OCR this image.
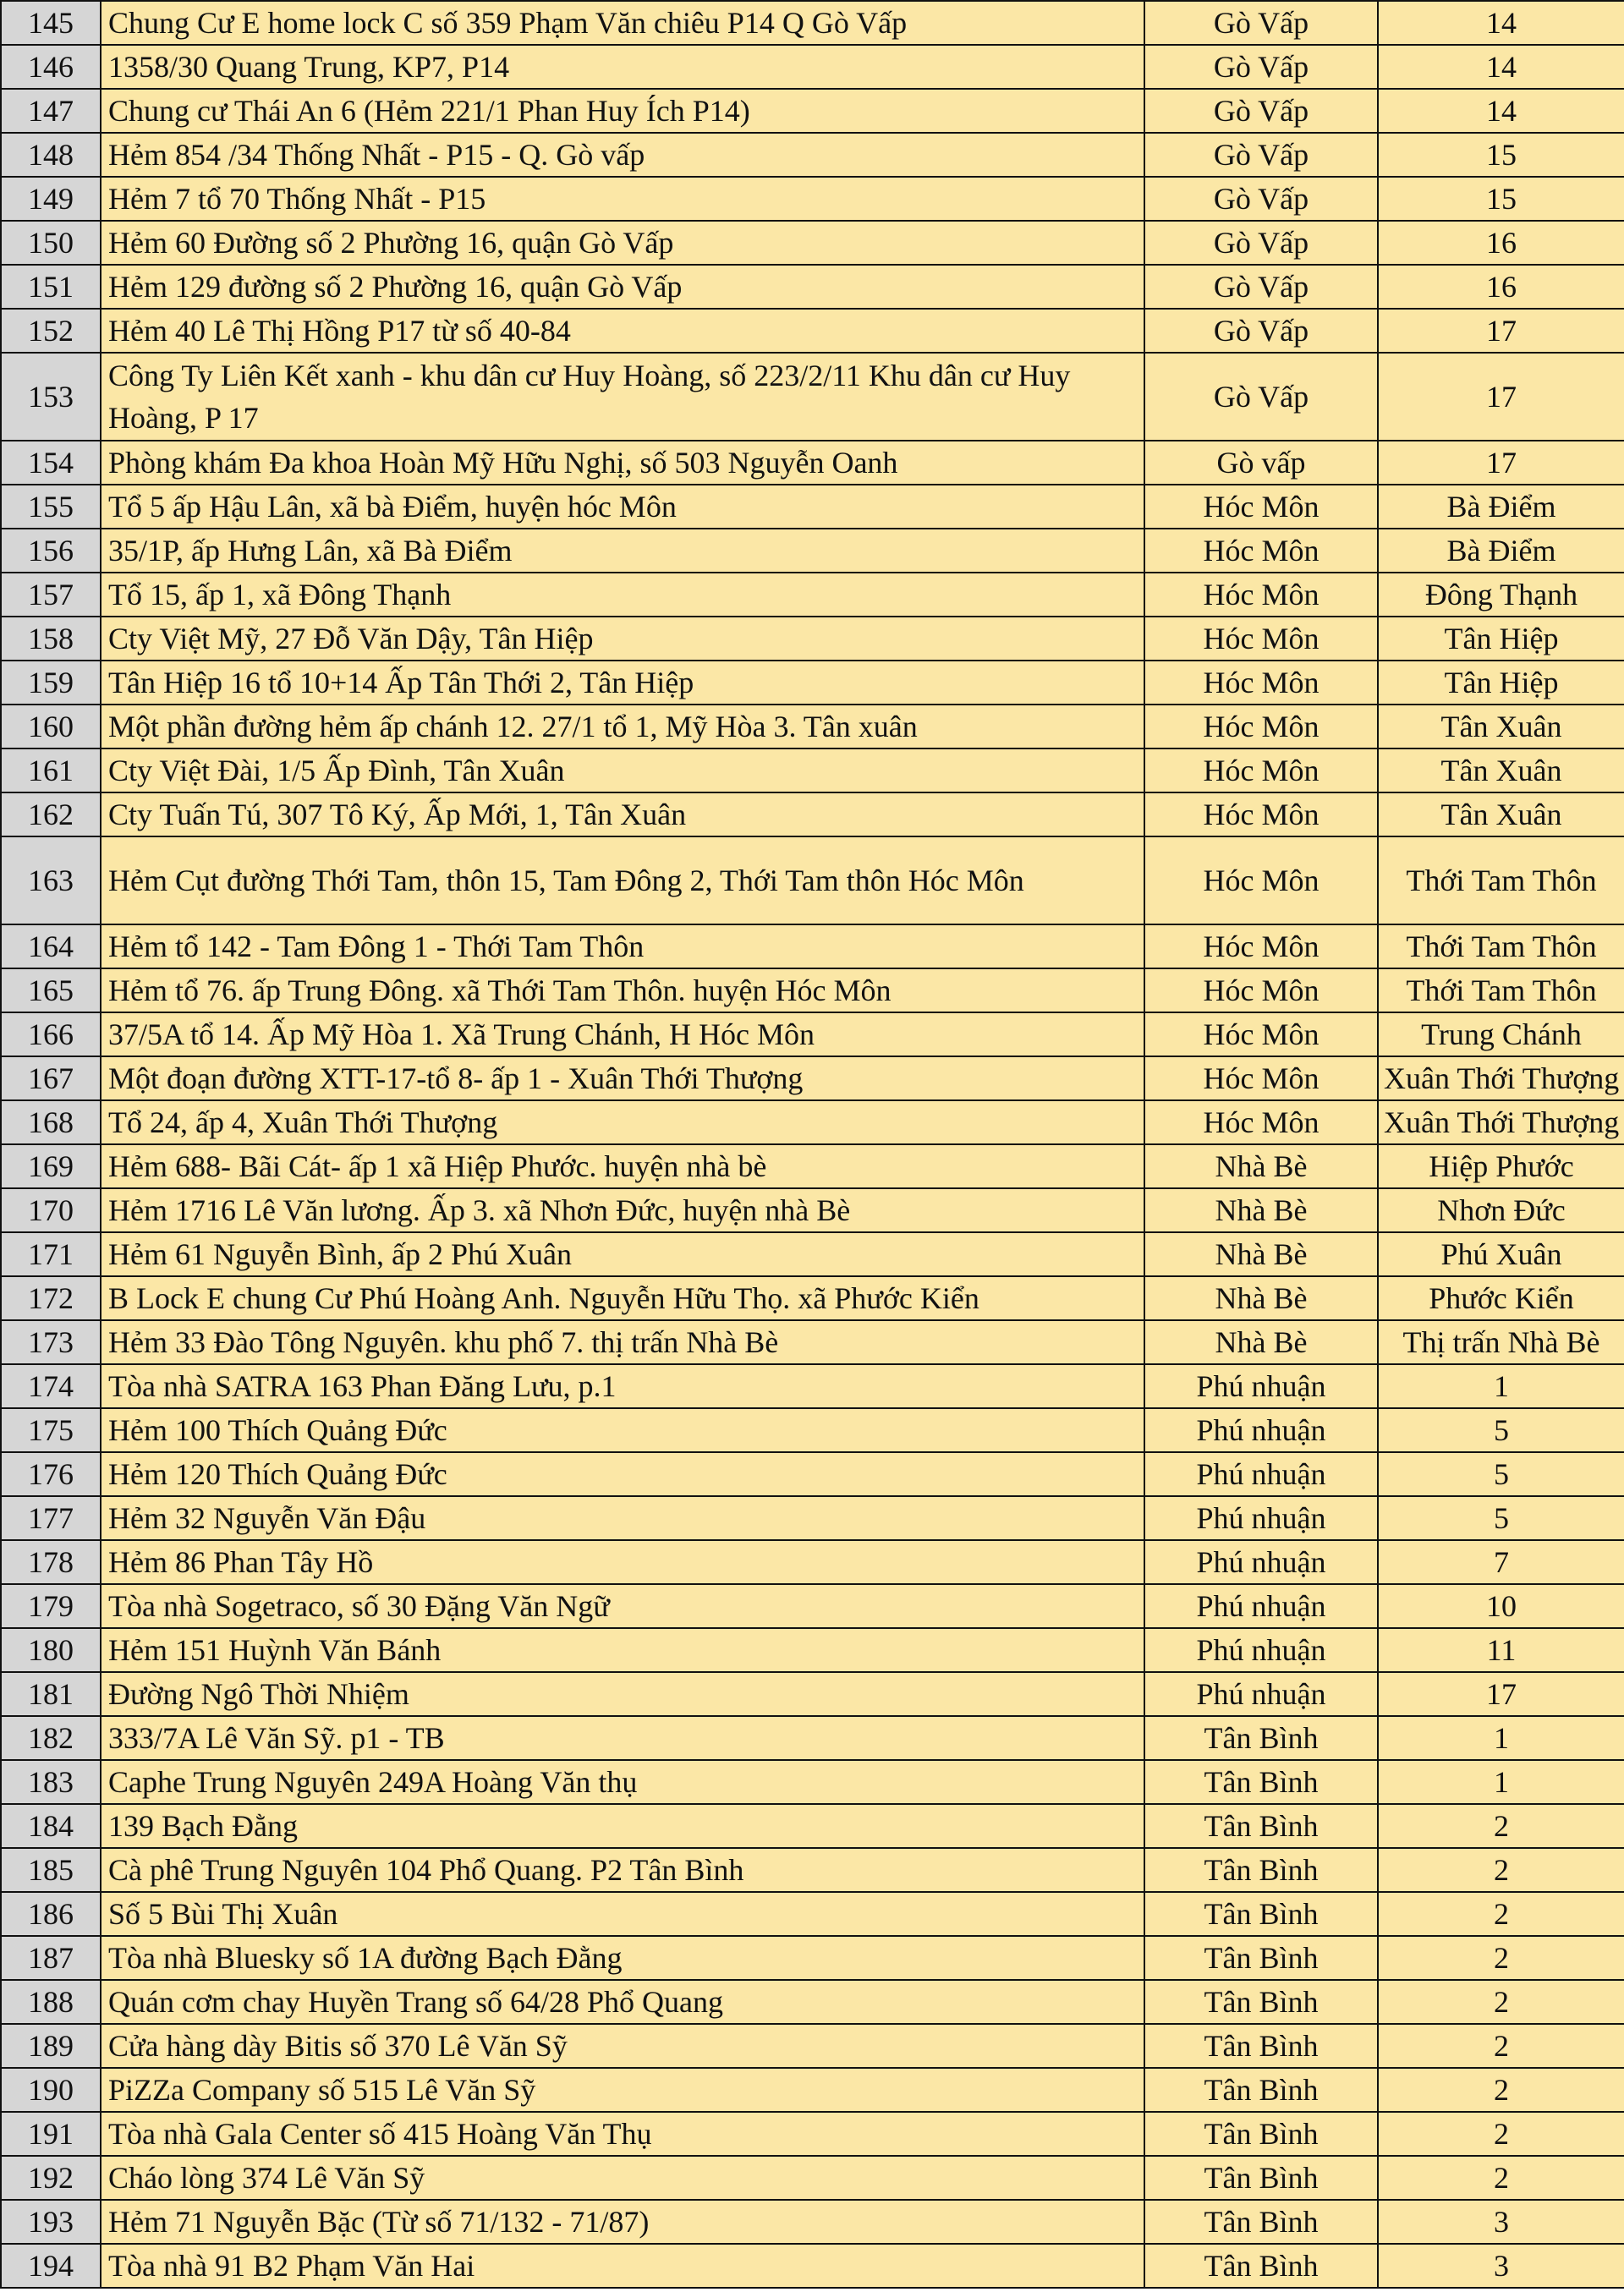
145	Chung Cư E home lock C số 359 Phạm Văn chiêu P14 Q Gò Vấp	Gò Vấp	14
146	1358/30 Quang Trung, KP7, P14	Gò Vấp	14
147	Chung cư Thái An 6 (Hẻm 221/1 Phan Huy Ích P14)	Gò Vấp	14
148	Hẻm 854 /34 Thống Nhất - P15 - Q. Gò vấp	Gò Vấp	15
149	Hẻm 7 tổ 70 Thống Nhất - P15	Gò Vấp	15
150	Hẻm 60 Đường số 2 Phường 16, quận Gò Vấp	Gò Vấp	16
151	Hẻm 129 đường số 2 Phường 16, quận Gò Vấp	Gò Vấp	16
152	Hẻm 40 Lê Thị Hồng P17 từ số 40-84	Gò Vấp	17
153	Công Ty Liên Kết xanh - khu dân cư Huy Hoàng, số 223/2/11 Khu dân cư Huy Hoàng, P 17	Gò Vấp	17
154	Phòng khám Đa khoa Hoàn Mỹ Hữu Nghị, số 503 Nguyễn Oanh	Gò vấp	17
155	Tổ 5 ấp Hậu Lân, xã bà Điểm, huyện hóc Môn	Hóc Môn	Bà Điểm
156	35/1P, ấp Hưng Lân, xã Bà Điểm	Hóc Môn	Bà Điểm
157	Tổ 15, ấp 1, xã Đông Thạnh	Hóc Môn	Đông Thạnh
158	Cty Việt Mỹ, 27 Đỗ Văn Dậy, Tân Hiệp	Hóc Môn	Tân Hiệp
159	Tân Hiệp 16 tổ 10+14 Ấp Tân Thới 2, Tân Hiệp	Hóc Môn	Tân Hiệp
160	Một phần đường hẻm ấp chánh 12. 27/1 tổ 1, Mỹ Hòa 3. Tân xuân	Hóc Môn	Tân Xuân
161	Cty Việt Đài, 1/5 Ấp Đình, Tân Xuân	Hóc Môn	Tân Xuân
162	Cty Tuấn Tú, 307 Tô Ký, Ấp Mới, 1, Tân Xuân	Hóc Môn	Tân Xuân
163	Hẻm Cụt đường Thới Tam, thôn 15, Tam Đông 2, Thới Tam thôn Hóc Môn	Hóc Môn	Thới Tam Thôn
164	Hẻm tổ 142 - Tam Đông 1 - Thới Tam Thôn	Hóc Môn	Thới Tam Thôn
165	Hẻm tổ 76. ấp Trung Đông. xã Thới Tam Thôn. huyện Hóc Môn	Hóc Môn	Thới Tam Thôn
166	37/5A tổ 14. Ấp Mỹ Hòa 1. Xã Trung Chánh, H Hóc Môn	Hóc Môn	Trung Chánh
167	Một đoạn đường XTT-17-tổ 8- ấp 1 - Xuân Thới Thượng	Hóc Môn	Xuân Thới Thượng
168	Tổ 24, ấp 4, Xuân Thới Thượng	Hóc Môn	Xuân Thới Thượng
169	Hẻm 688- Bãi Cát- ấp 1 xã Hiệp Phước. huyện nhà bè	Nhà Bè	Hiệp Phước
170	Hẻm 1716 Lê Văn lương. Ấp 3. xã Nhơn Đức, huyện nhà Bè	Nhà Bè	Nhơn Đức
171	Hẻm 61 Nguyễn Bình, ấp 2 Phú Xuân	Nhà Bè	Phú Xuân
172	B Lock E chung Cư Phú Hoàng Anh. Nguyễn Hữu Thọ. xã Phước Kiển	Nhà Bè	Phước Kiển
173	Hẻm 33 Đào Tông Nguyên. khu phố 7. thị trấn Nhà Bè	Nhà Bè	Thị trấn Nhà Bè
174	Tòa nhà SATRA 163 Phan Đăng Lưu, p.1	Phú nhuận	1
175	Hẻm 100 Thích Quảng Đức	Phú nhuận	5
176	Hẻm 120 Thích Quảng Đức	Phú nhuận	5
177	Hẻm 32 Nguyễn Văn Đậu	Phú nhuận	5
178	Hẻm 86 Phan Tây Hồ	Phú nhuận	7
179	Tòa nhà Sogetraco, số 30 Đặng Văn Ngữ	Phú nhuận	10
180	Hẻm 151 Huỳnh Văn Bánh	Phú nhuận	11
181	Đường Ngô Thời Nhiệm	Phú nhuận	17
182	333/7A Lê Văn Sỹ. p1 - TB	Tân Bình	1
183	Caphe Trung Nguyên 249A Hoàng Văn thụ	Tân Bình	1
184	139 Bạch Đằng	Tân Bình	2
185	Cà phê Trung Nguyên 104 Phổ Quang. P2 Tân Bình	Tân Bình	2
186	Số 5 Bùi Thị Xuân	Tân Bình	2
187	Tòa nhà Bluesky số 1A đường Bạch Đằng	Tân Bình	2
188	Quán cơm chay Huyền Trang số 64/28 Phổ Quang	Tân Bình	2
189	Cửa hàng dày Bitis số 370 Lê Văn Sỹ	Tân Bình	2
190	PiZZa Company số 515 Lê Văn Sỹ	Tân Bình	2
191	Tòa nhà Gala Center số 415 Hoàng Văn Thụ	Tân Bình	2
192	Cháo lòng 374 Lê Văn Sỹ	Tân Bình	2
193	Hẻm 71 Nguyễn Bặc (Từ số 71/132 - 71/87)	Tân Bình	3
194	Tòa nhà 91 B2 Phạm Văn Hai	Tân Bình	3
